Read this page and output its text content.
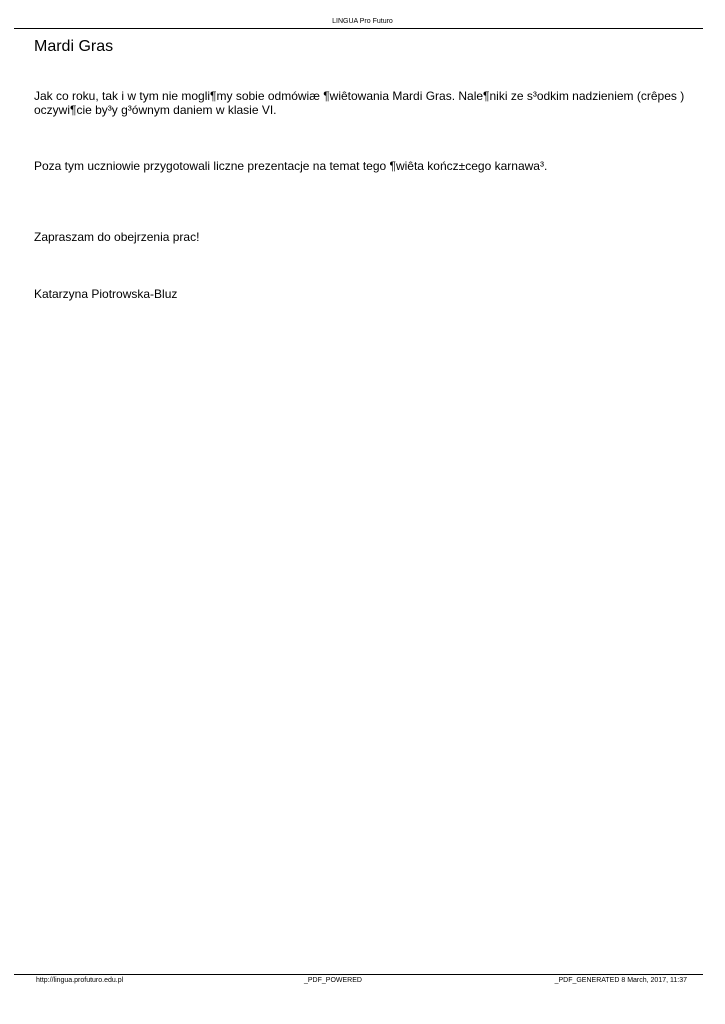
LINGUA Pro Futuro
Mardi Gras

Jak co roku, tak i w tym nie mogli¶my sobie odmówiæ ¶wiêtowania Mardi Gras. Nale¶niki ze s³odkim nadzieniem (crêpes ) oczywi¶cie by³y g³ównym daniem w klasie VI.

Poza tym uczniowie przygotowali liczne prezentacje na temat tego ¶wiêta kończ±cego karnawa³.

Zapraszam do obejrzenia prac!

Katarzyna Piotrowska-Bluz

http://lingua.profuturo.edu.pl	_PDF_POWERED	_PDF_GENERATED 8 March, 2017, 11:37
